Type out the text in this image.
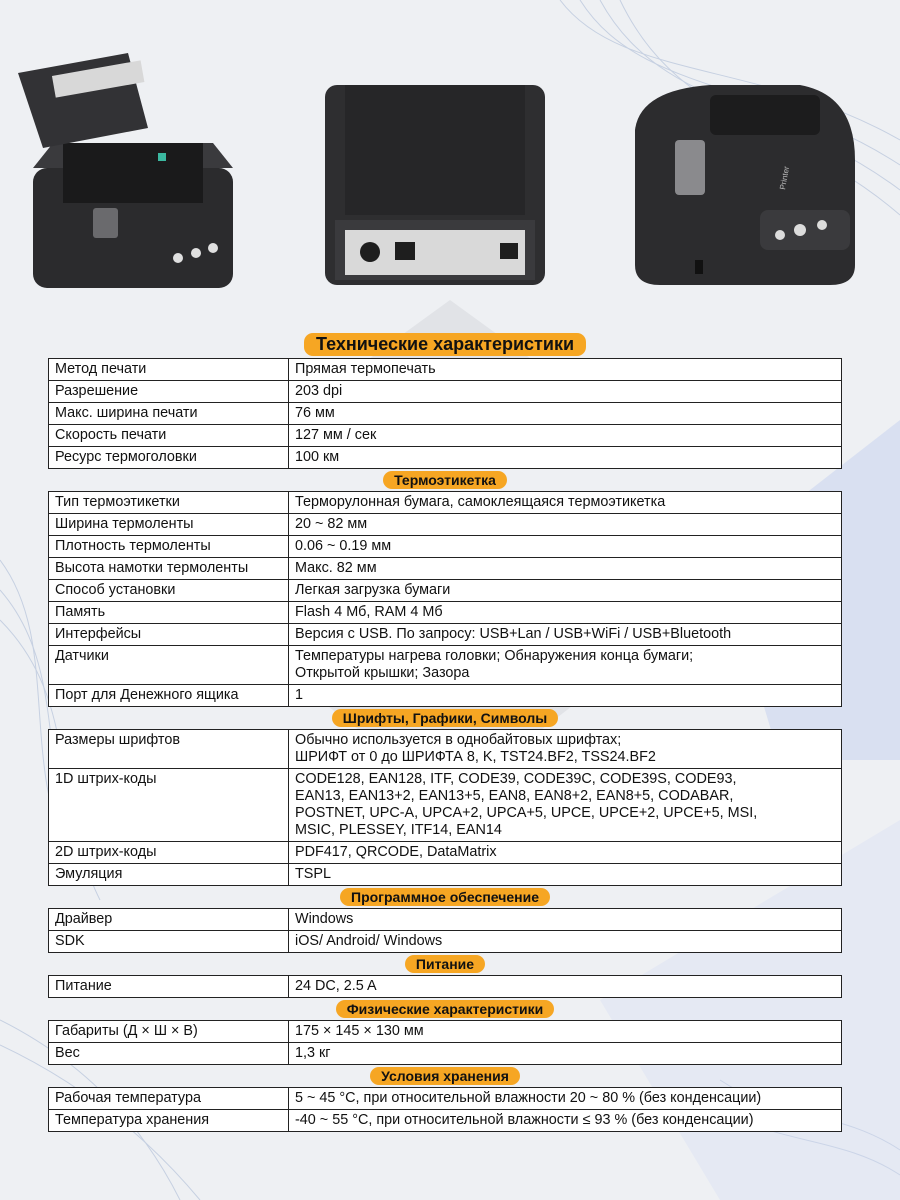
Printer
Технические характеристики
Метод печати	Прямая термопечать

Разрешение	203 dpi

Макс. ширина печати	76 мм

Скорость печати	127 мм / сек

Ресурс термоголовки	100 км
Термоэтикетка
Тип термоэтикетки	Терморулонная бумага, самоклеящаяся термоэтикетка

Ширина термоленты	20 ~ 82 мм

Плотность термоленты	0.06 ~ 0.19 мм

Высота намотки термоленты	Макс. 82 мм

Способ установки	Легкая загрузка бумаги

Память	Flash 4 Мб, RAM 4 Мб

Интерфейсы	Версия с USB. По запросу: USB+Lan / USB+WiFi / USB+Bluetooth

Датчики	Температуры нагрева головки; Обнаружения конца бумаги;
Открытой крышки; Зазора

Порт для Денежного ящика	1
Шрифты, Графики, Символы
Размеры шрифтов	Обычно используется в однобайтовых шрифтах;
ШРИФТ от 0 до ШРИФТА 8, K, TST24.BF2, TSS24.BF2

1D штрих-коды	CODE128, EAN128, ITF, CODE39, CODE39C, CODE39S, CODE93,
EAN13, EAN13+2, EAN13+5, EAN8, EAN8+2, EAN8+5, CODABAR,
POSTNET, UPC-A, UPCA+2, UPCA+5, UPCE, UPCE+2, UPCE+5, MSI,
MSIC, PLESSEY, ITF14, EAN14

2D штрих-коды	PDF417, QRCODE, DataMatrix

Эмуляция	TSPL
Программное обеспечение
Драйвер	Windows

SDK	iOS/ Android/ Windows
Питание
Питание	24 DC, 2.5 A
Физические характеристики
Габариты (Д × Ш × В)	175 × 145 × 130 мм

Вес	1,3 кг
Условия хранения
Рабочая температура	5 ~ 45 °C, при относительной влажности 20 ~ 80 % (без конденсации)

Температура хранения	-40 ~ 55 °C, при относительной влажности ≤ 93 % (без конденсации)
